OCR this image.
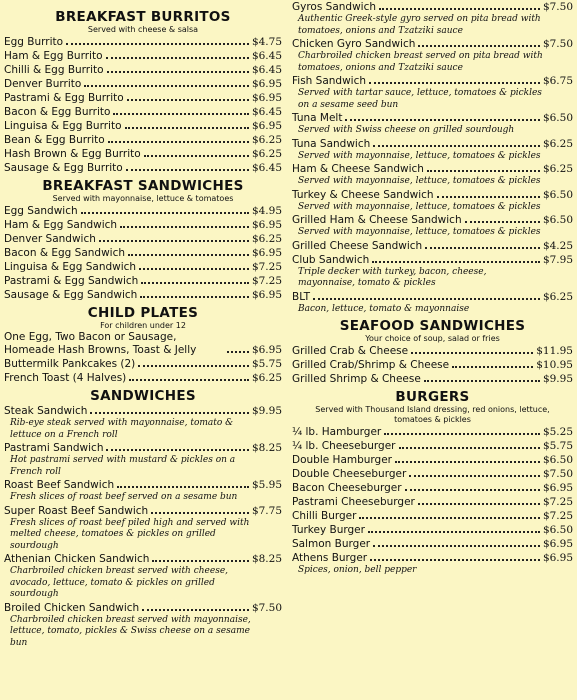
BREAKFAST BURRITOS
Served with cheese & salsa
Egg Burrito	$4.75
Ham & Egg Burrito	$6.45
Chilli & Egg Burrito	$6.45
Denver Burrito	$6.95
Pastrami & Egg Burrito	$6.95
Bacon & Egg Burrito	$6.45
Linguisa & Egg Burrito	$6.95
Bean & Egg Burrito	$6.25
Hash Brown & Egg Burrito	$6.25
Sausage & Egg Burrito	$6.45
BREAKFAST SANDWICHES
Served with mayonnaise, lettuce & tomatoes
Egg Sandwich	$4.95
Ham & Egg Sandwich	$6.95
Denver Sandwich	$6.25
Bacon & Egg Sandwich	$6.95
Linguisa & Egg Sandwich	$7.25
Pastrami & Egg Sandwich	$7.25
Sausage & Egg Sandwich	$6.95
CHILD PLATES
For children under 12
One Egg, Two Bacon or Sausage, Homeade Hash Browns, Toast & Jelly	$6.95
Buttermilk Pankcakes (2)	$5.75
French Toast (4 Halves)	$6.25
SANDWICHES
Steak Sandwich	$9.95
Rib-eye steak served with mayonnaise, tomato & lettuce on a French roll
Pastrami Sandwich	$8.25
Hot pastrami served with mustard & pickles on a French roll
Roast Beef Sandwich	$5.95
Fresh slices of roast beef served on a sesame bun
Super Roast Beef Sandwich	$7.75
Fresh slices of roast beef piled high and served with melted cheese, tomatoes & pickles on grilled sourdough
Athenian Chicken Sandwich	$8.25
Charbroiled chicken breast served with cheese, avocado, lettuce, tomato & pickles on grilled sourdough
Broiled Chicken Sandwich	$7.50
Charbroiled chicken breast served with mayonnaise, lettuce, tomato, pickles & Swiss cheese on a sesame bun
Gyros Sandwich	$7.50
Authentic Greek-style gyro served on pita bread with tomatoes, onions and Tzatziki sauce
Chicken Gyro Sandwich	$7.50
Charbroiled chicken breast served on pita bread with tomatoes, onions and Tzatziki sauce
Fish Sandwich	$6.75
Served with tartar sauce, lettuce, tomatoes & pickles on a sesame seed bun
Tuna Melt	$6.50
Served with Swiss cheese on grilled sourdough
Tuna Sandwich	$6.25
Served with mayonnaise, lettuce, tomatoes & pickles
Ham & Cheese Sandwich	$6.25
Served with mayonnaise, lettuce, tomatoes & pickles
Turkey & Cheese Sandwich	$6.50
Served with mayonnaise, lettuce, tomatoes & pickles
Grilled Ham & Cheese Sandwich	$6.50
Served with mayonnaise, lettuce, tomatoes & pickles
Grilled Cheese Sandwich	$4.25
Club Sandwich	$7.95
Triple decker with turkey, bacon, cheese, mayonnaise, tomato & pickles
BLT	$6.25
Bacon, lettuce, tomato & mayonnaise
SEAFOOD SANDWICHES
Your choice of soup, salad or fries
Grilled Crab & Cheese	$11.95
Grilled Crab/Shrimp & Cheese	$10.95
Grilled Shrimp & Cheese	$9.95
BURGERS
Served with Thousand Island dressing, red onions, lettuce, tomatoes & pickles
¼ lb. Hamburger	$5.25
¼ lb. Cheeseburger	$5.75
Double Hamburger	$6.50
Double Cheeseburger	$7.50
Bacon Cheeseburger	$6.95
Pastrami Cheeseburger	$7.25
Chilli Burger	$7.25
Turkey Burger	$6.50
Salmon Burger	$6.95
Athens Burger	$6.95
Spices, onion, bell pepper
